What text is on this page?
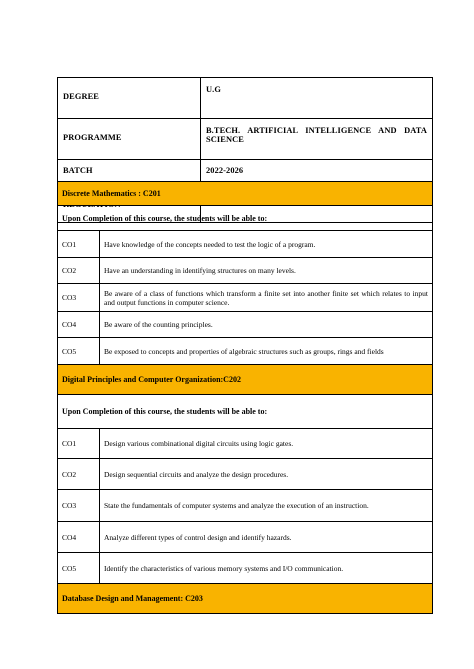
DEGREE	U.G
PROGRAMME	B.TECH. ARTIFICIAL INTELLIGENCE AND DATA SCIENCE
BATCH	2022-2026

Discrete Mathematics : C201	
Upon Completion of this course, the students will be able to:	
CO1	Have knowledge of the concepts needed to test the logic of a program.
CO2	Have an understanding in identifying structures on many levels.
CO3	Be aware of a class of functions which transform a finite set into another finite set which relates to input and output functions in computer science.
CO4	Be aware of the counting principles.
CO5	Be exposed to concepts and properties of algebraic structures such as groups, rings and fields
Digital Principles and Computer Organization:C202	
Upon Completion of this course, the students will be able to:	
CO1	Design various combinational digital circuits using logic gates.
CO2	Design sequential circuits and analyze the design procedures.
CO3	State the fundamentals of computer systems and analyze the execution of an instruction.
CO4	Analyze different types of control design and identify hazards.
CO5	Identify the characteristics of various memory systems and I/O communication.
Database Design and Management: C203	
